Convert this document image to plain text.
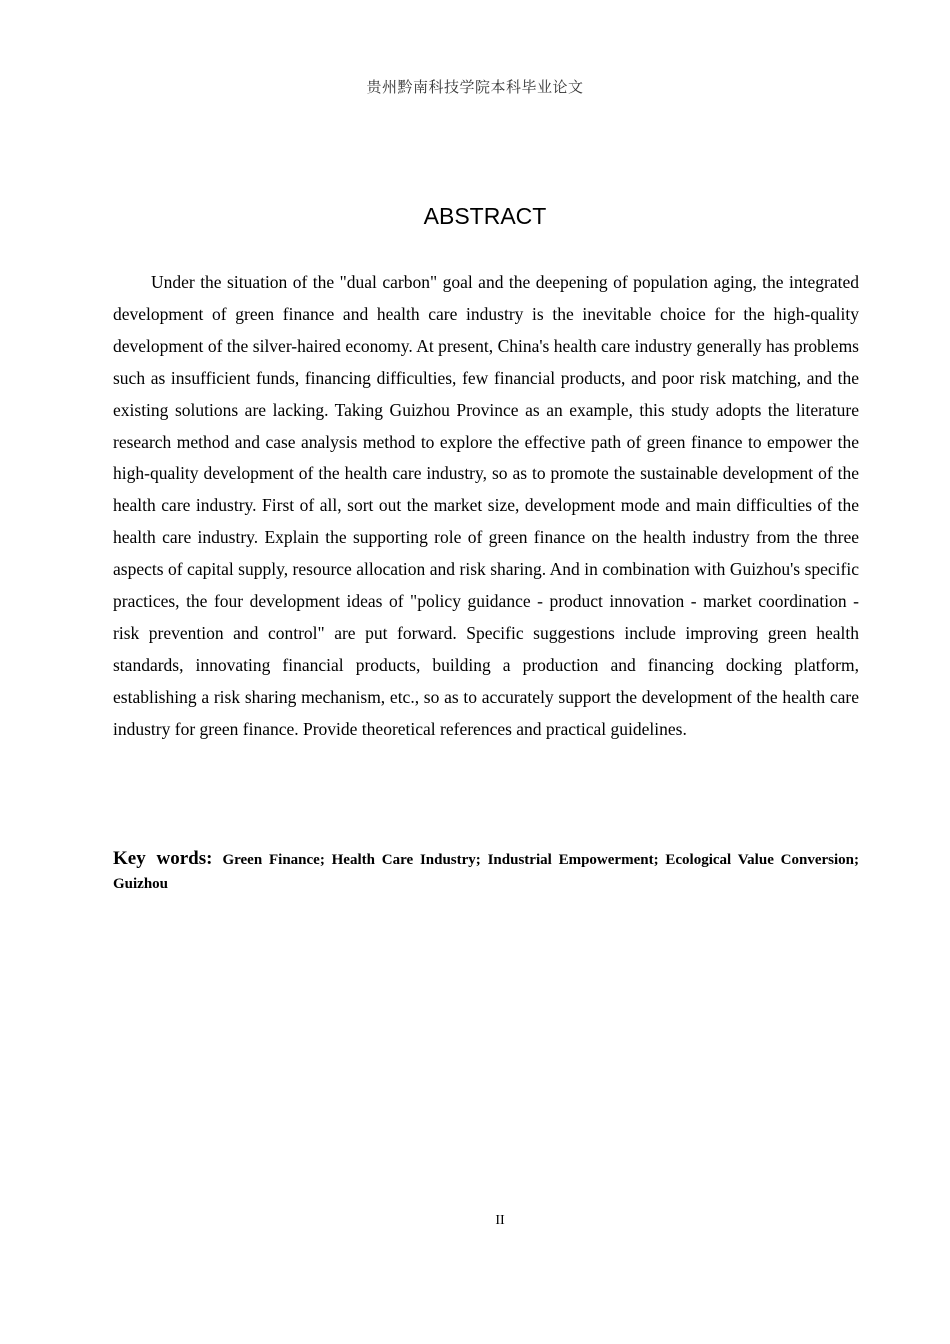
贵州黔南科技学院本科毕业论文
ABSTRACT

Under the situation of the "dual carbon" goal and the deepening of population aging, the integrated development of green finance and health care industry is the inevitable choice for the high-quality development of the silver-haired economy. At present, China's health care industry generally has problems such as insufficient funds, financing difficulties, few financial products, and poor risk matching, and the existing solutions are lacking. Taking Guizhou Province as an example, this study adopts the literature research method and case analysis method to explore the effective path of green finance to empower the high-quality development of the health care industry, so as to promote the sustainable development of the health care industry. First of all, sort out the market size, development mode and main difficulties of the health care industry. Explain the supporting role of green finance on the health industry from the three aspects of capital supply, resource allocation and risk sharing. And in combination with Guizhou's specific practices, the four development ideas of "policy guidance - product innovation - market coordination - risk prevention and control" are put forward. Specific suggestions include improving green health standards, innovating financial products, building a production and financing docking platform, establishing a risk sharing mechanism, etc., so as to accurately support the development of the health care industry for green finance. Provide theoretical references and practical guidelines.

Key words: Green Finance; Health Care Industry; Industrial Empowerment; Ecological Value Conversion; Guizhou

II
